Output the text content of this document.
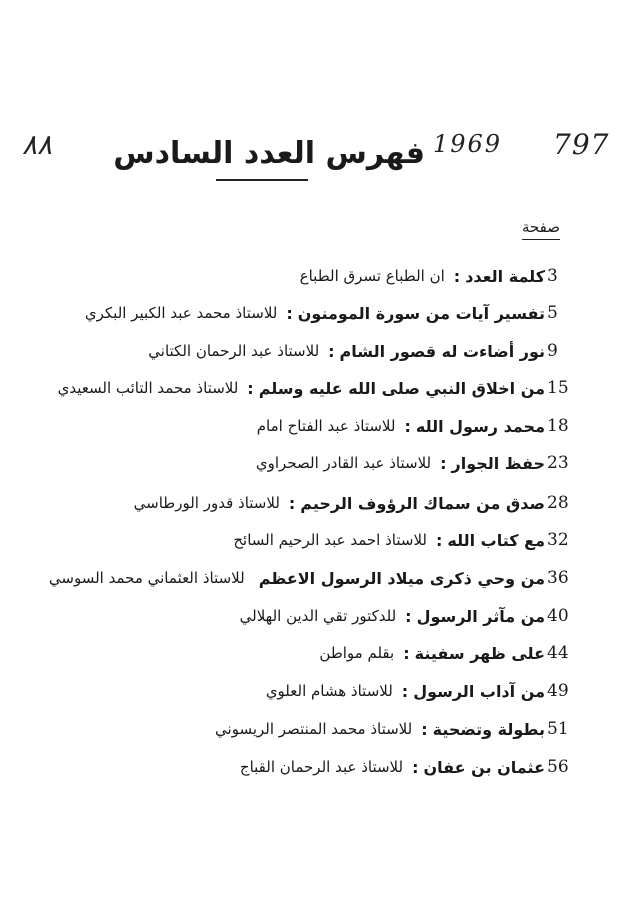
٨٨	1969 797
فهرس العدد السادس
صفحة
3
كلمة العدد
:
ان الطباع تسرق الطباع
5
تفسير آيات من سورة المومنون
:
للاستاذ محمد عبد الكبير البكري
9
نور أضاءت له قصور الشام
:
للاستاذ عبد الرحمان الكتاني
15
من اخلاق النبي صلى الله عليه وسلم
:
للاستاذ محمد التائب السعيدي
18
محمد رسول الله
:
للاستاذ عبد الفتاح امام
23
حفظ الجوار
:
للاستاذ عبد القادر الصحراوي
28
صدق من سماك الرؤوف الرحيم
:
للاستاذ قدور الورطاسي
32
مع كتاب الله
:
للاستاذ احمد عبد الرحيم السائح
36
من وحي ذكرى ميلاد الرسول الاعظم
للاستاذ العثماني محمد السوسي
40
من مآثر الرسول
:
للدكتور تقي الدين الهلالي
44
على ظهر سفينة
:
بقلم مواطن
49
من آداب الرسول
:
للاستاذ هشام العلوي
51
بطولة وتضحية
:
للاستاذ محمد المنتصر الريسوني
56
عثمان بن عفان
:
للاستاذ عبد الرحمان القباج
